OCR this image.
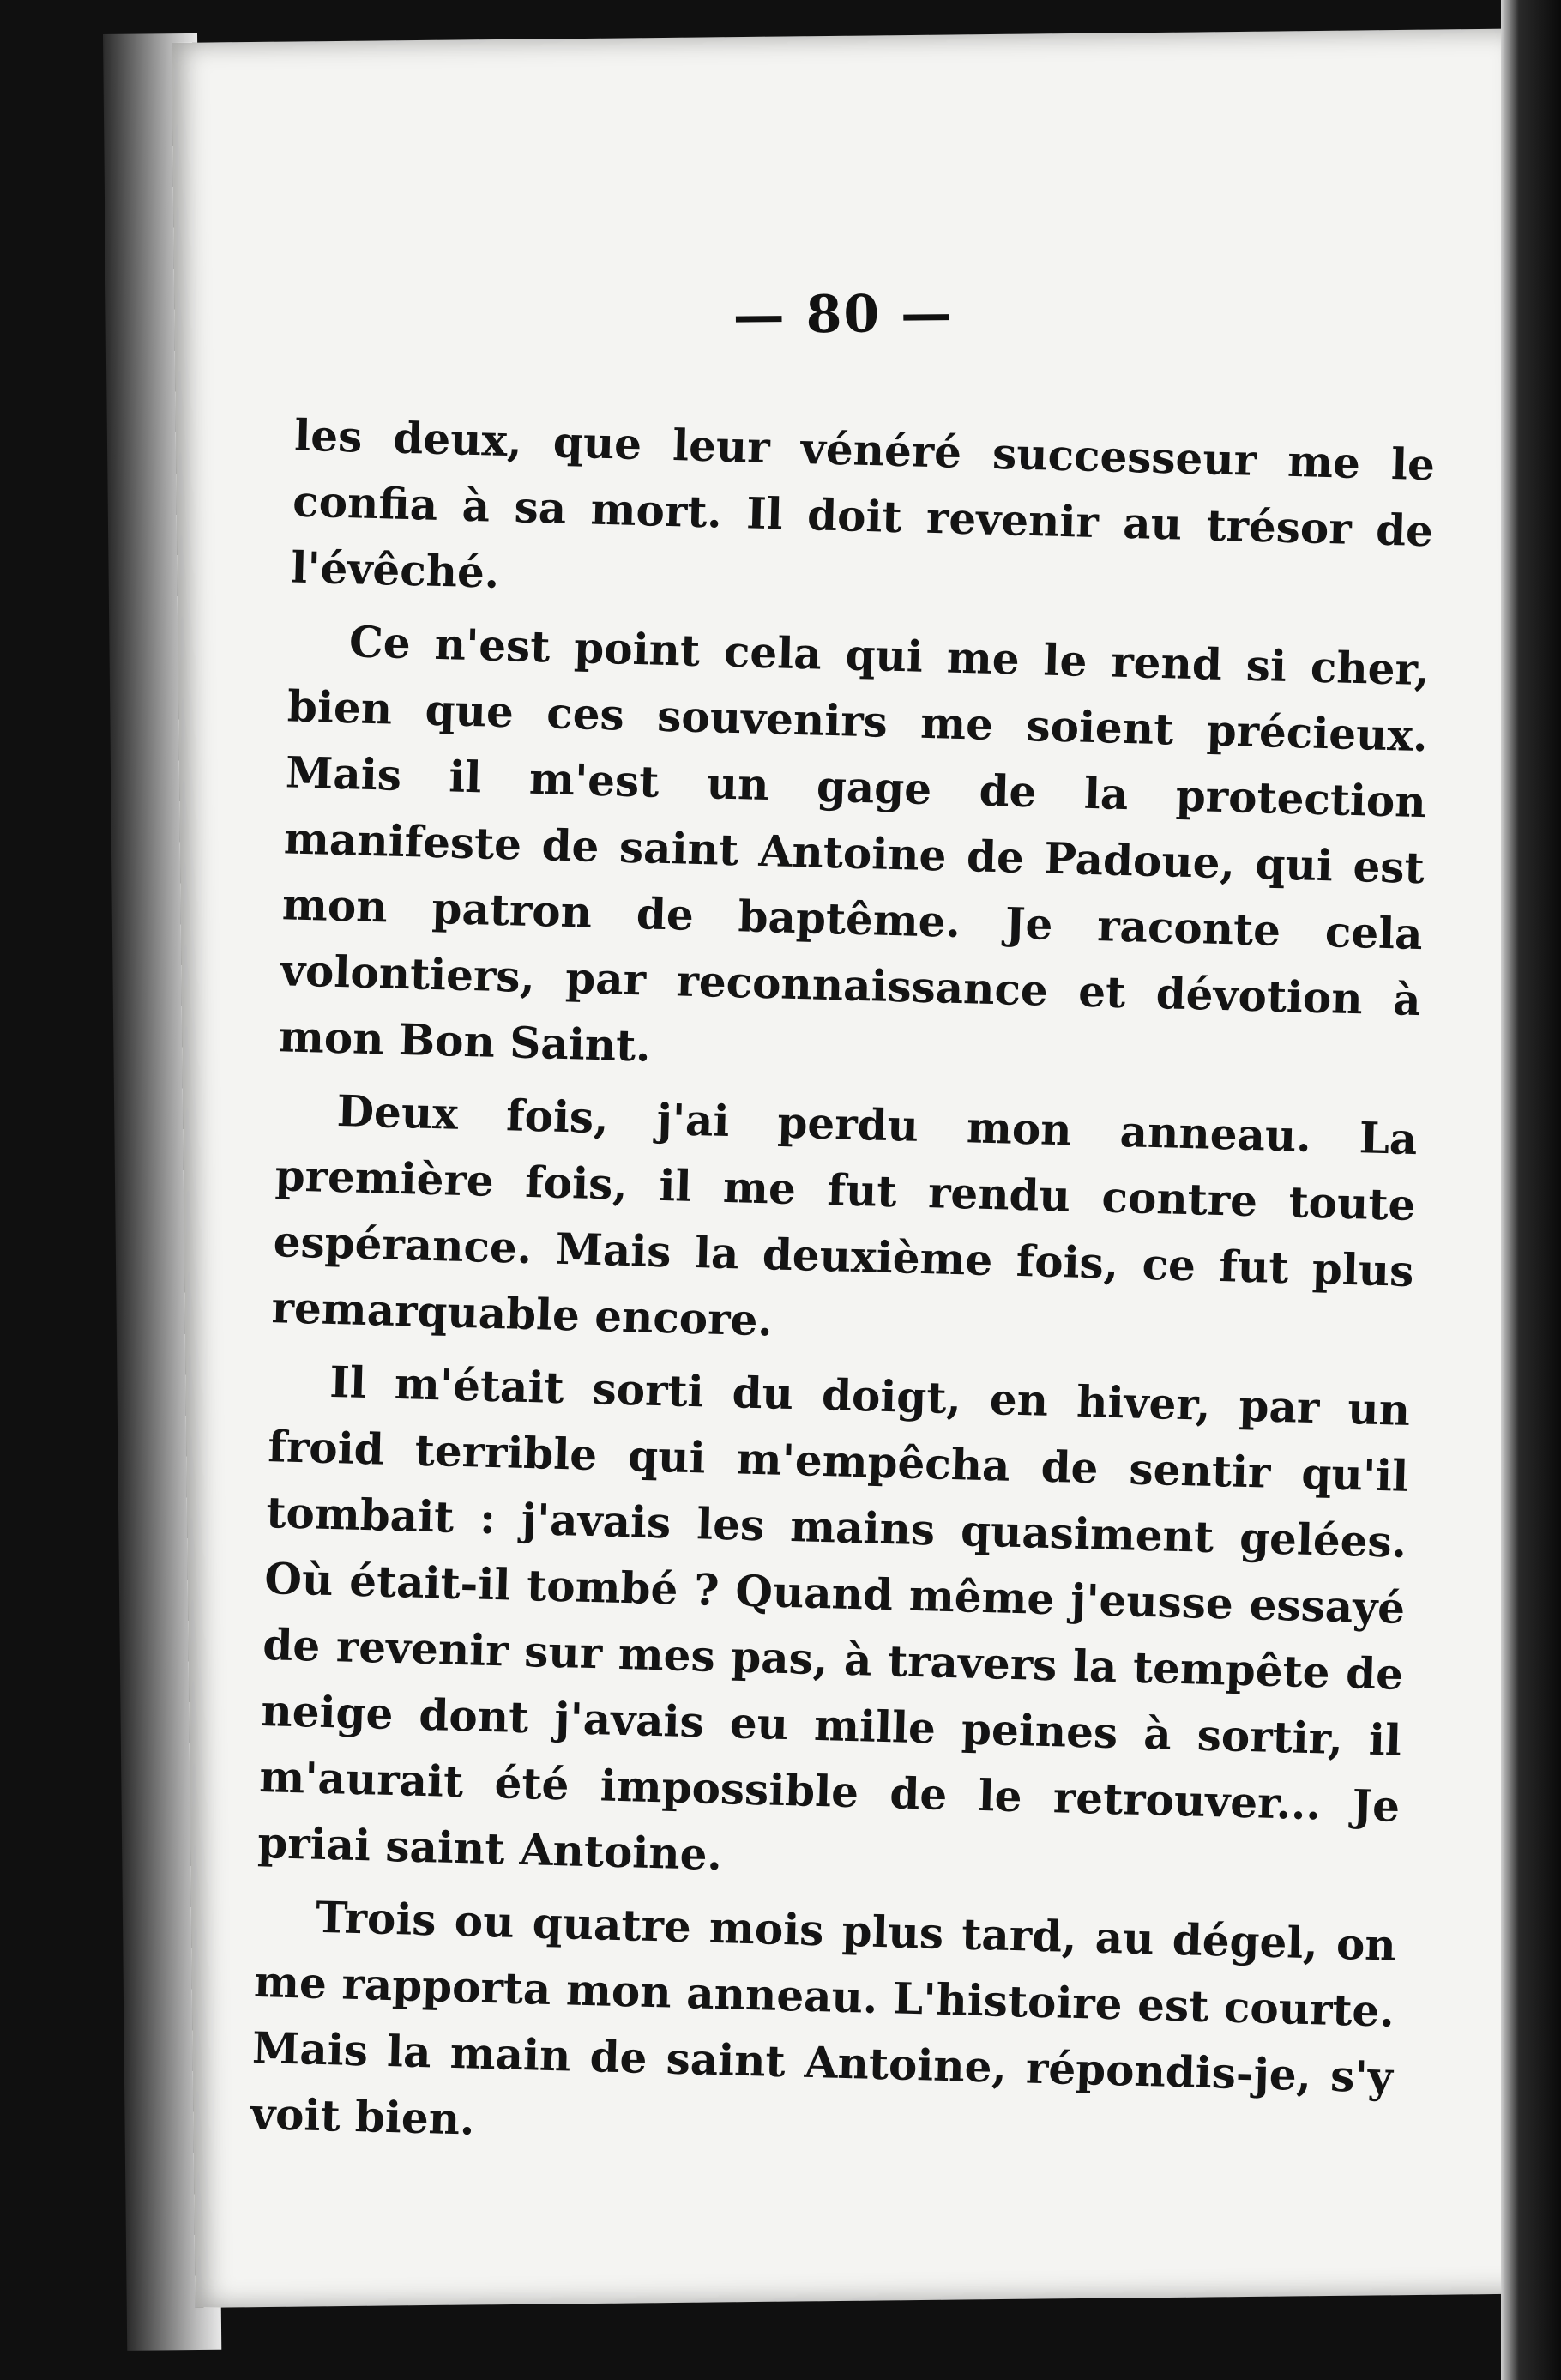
— 80 —

les deux, que leur vénéré successeur me le confia à sa mort. Il doit revenir au trésor de l'évêché.

Ce n'est point cela qui me le rend si cher, bien que ces souvenirs me soient précieux. Mais il m'est un gage de la protection manifeste de saint Antoine de Padoue, qui est mon patron de baptême. Je raconte cela volontiers, par reconnaissance et dévotion à mon Bon Saint.

Deux fois, j'ai perdu mon anneau. La première fois, il me fut rendu contre toute espérance. Mais la deuxième fois, ce fut plus remarquable encore.

Il m'était sorti du doigt, en hiver, par un froid terrible qui m'empêcha de sentir qu'il tombait : j'avais les mains quasiment gelées. Où était-il tombé ? Quand même j'eusse essayé de revenir sur mes pas, à travers la tempête de neige dont j'avais eu mille peines à sortir, il m'aurait été impossible de le retrouver... Je priai saint Antoine.

Trois ou quatre mois plus tard, au dégel, on me rapporta mon anneau. L'histoire est courte. Mais la main de saint Antoine, répondis-je, s'y voit bien.
